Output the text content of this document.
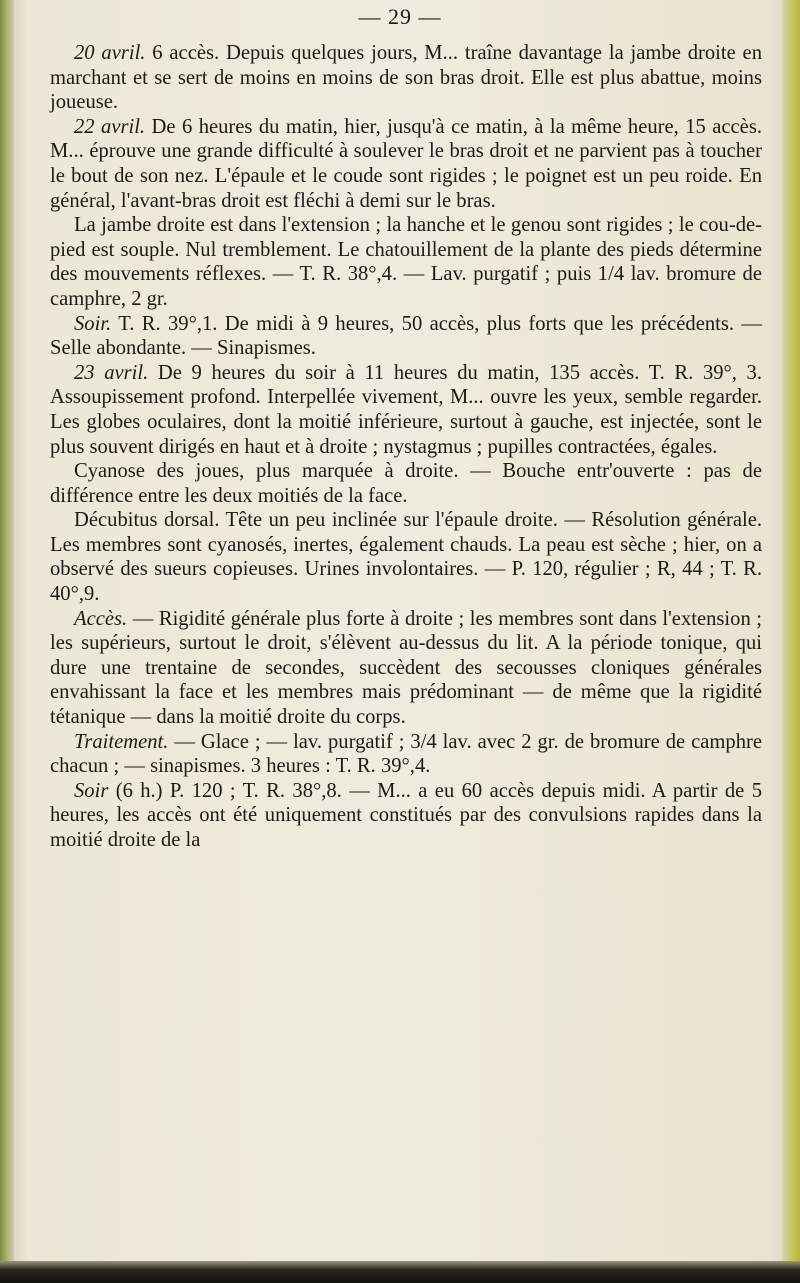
— 29 —

20 avril. 6 accès. Depuis quelques jours, M... traîne davantage la jambe droite en marchant et se sert de moins en moins de son bras droit. Elle est plus abattue, moins joueuse.

22 avril. De 6 heures du matin, hier, jusqu'à ce matin, à la même heure, 15 accès. M... éprouve une grande difficulté à soulever le bras droit et ne parvient pas à toucher le bout de son nez. L'épaule et le coude sont rigides ; le poignet est un peu roide. En général, l'avant-bras droit est fléchi à demi sur le bras.

La jambe droite est dans l'extension ; la hanche et le genou sont rigides ; le cou-de-pied est souple. Nul tremblement. Le chatouillement de la plante des pieds détermine des mouvements réflexes. — T. R. 38°,4. — Lav. purgatif ; puis 1/4 lav. bromure de camphre, 2 gr.

Soir. T. R. 39°,1. De midi à 9 heures, 50 accès, plus forts que les précédents. — Selle abondante. — Sinapismes.

23 avril. De 9 heures du soir à 11 heures du matin, 135 accès. T. R. 39°, 3. Assoupissement profond. Interpellée vivement, M... ouvre les yeux, semble regarder. Les globes oculaires, dont la moitié inférieure, surtout à gauche, est injectée, sont le plus souvent dirigés en haut et à droite ; nystagmus ; pupilles contractées, égales.

Cyanose des joues, plus marquée à droite. — Bouche entr'ouverte : pas de différence entre les deux moitiés de la face.

Décubitus dorsal. Tête un peu inclinée sur l'épaule droite. — Résolution générale. Les membres sont cyanosés, inertes, également chauds. La peau est sèche ; hier, on a observé des sueurs copieuses. Urines involontaires. — P. 120, régulier ; R, 44 ; T. R. 40°,9.

Accès. — Rigidité générale plus forte à droite ; les membres sont dans l'extension ; les supérieurs, surtout le droit, s'élèvent au-dessus du lit. A la période tonique, qui dure une trentaine de secondes, succèdent des secousses cloniques générales envahissant la face et les membres mais prédominant — de même que la rigidité tétanique — dans la moitié droite du corps.

Traitement. — Glace ; — lav. purgatif ; 3/4 lav. avec 2 gr. de bromure de camphre chacun ; — sinapismes. 3 heures : T. R. 39°,4.

Soir (6 h.) P. 120 ; T. R. 38°,8. — M... a eu 60 accès depuis midi. A partir de 5 heures, les accès ont été uniquement constitués par des convulsions rapides dans la moitié droite de la
